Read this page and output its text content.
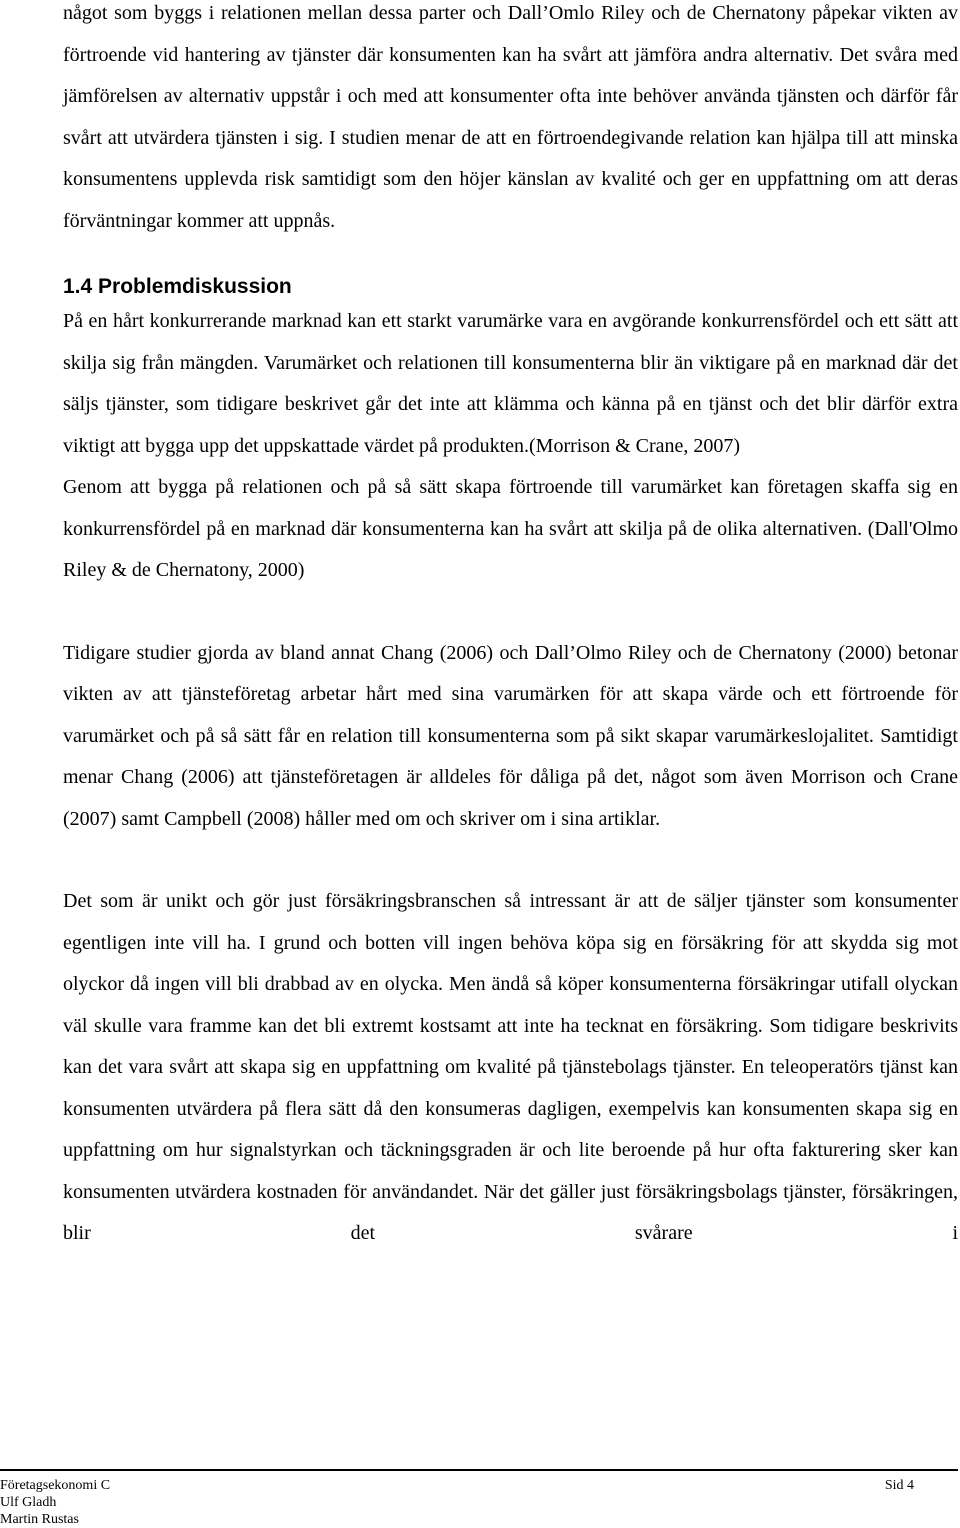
något som byggs i relationen mellan dessa parter och Dall’Omlo Riley och de Chernatony påpekar vikten av förtroende vid hantering av tjänster där konsumenten kan ha svårt att jämföra andra alternativ. Det svåra med jämförelsen av alternativ uppstår i och med att konsumenter ofta inte behöver använda tjänsten och därför får svårt att utvärdera tjänsten i sig. I studien menar de att en förtroendegivande relation kan hjälpa till att minska konsumentens upplevda risk samtidigt som den höjer känslan av kvalité och ger en uppfattning om att deras förväntningar kommer att uppnås.

1.4 Problemdiskussion

På en hårt konkurrerande marknad kan ett starkt varumärke vara en avgörande konkurrensfördel och ett sätt att skilja sig från mängden. Varumärket och relationen till konsumenterna blir än viktigare på en marknad där det säljs tjänster, som tidigare beskrivet går det inte att klämma och känna på en tjänst och det blir därför extra viktigt att bygga upp det uppskattade värdet på produkten.(Morrison & Crane, 2007)

Genom att bygga på relationen och på så sätt skapa förtroende till varumärket kan företagen skaffa sig en konkurrensfördel på en marknad där konsumenterna kan ha svårt att skilja på de olika alternativen. (Dall'Olmo Riley & de Chernatony, 2000)

Tidigare studier gjorda av bland annat Chang (2006) och Dall’Olmo Riley och de Chernatony (2000) betonar vikten av att tjänsteföretag arbetar hårt med sina varumärken för att skapa värde och ett förtroende för varumärket och på så sätt får en relation till konsumenterna som på sikt skapar varumärkeslojalitet. Samtidigt menar Chang (2006) att tjänsteföretagen är alldeles för dåliga på det, något som även Morrison och Crane (2007) samt Campbell (2008) håller med om och skriver om i sina artiklar.

Det som är unikt och gör just försäkringsbranschen så intressant är att de säljer tjänster som konsumenter egentligen inte vill ha. I grund och botten vill ingen behöva köpa sig en försäkring för att skydda sig mot olyckor då ingen vill bli drabbad av en olycka. Men ändå så köper konsumenterna försäkringar utifall olyckan väl skulle vara framme kan det bli extremt kostsamt att inte ha tecknat en försäkring. Som tidigare beskrivits kan det vara svårt att skapa sig en uppfattning om kvalité på tjänstebolags tjänster. En teleoperatörs tjänst kan konsumenten utvärdera på flera sätt då den konsumeras dagligen, exempelvis kan konsumenten skapa sig en uppfattning om hur signalstyrkan och täckningsgraden är och lite beroende på hur ofta fakturering sker kan konsumenten utvärdera kostnaden för användandet. När det gäller just försäkringsbolags tjänster, försäkringen, blir det svårare i

Företagsekonomi C
Ulf Gladh
Martin Rustas
Sid 4
